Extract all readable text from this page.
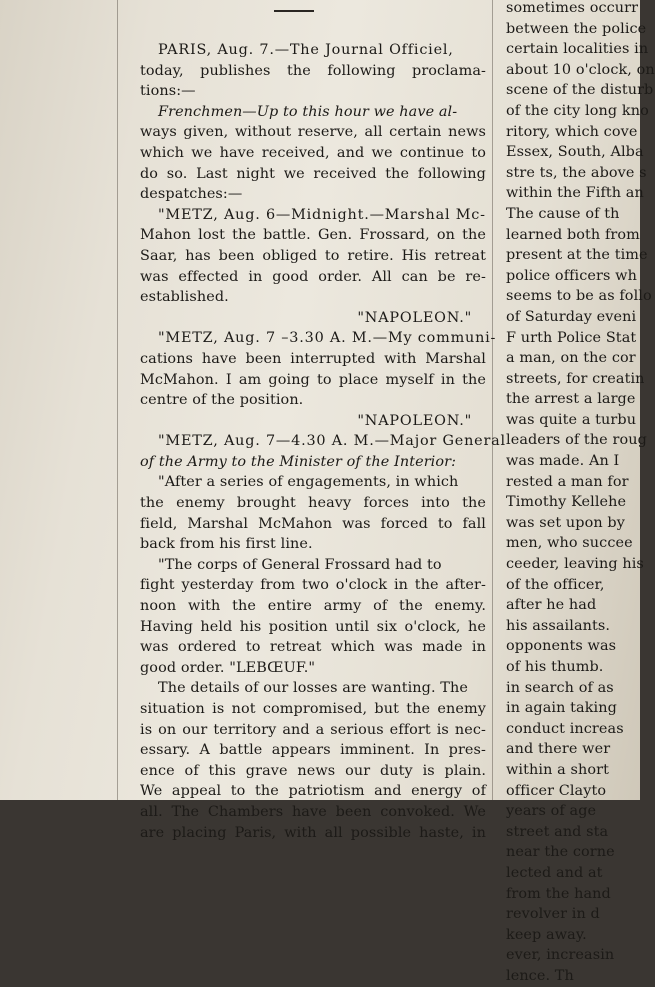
PARIS, Aug. 7.—The Journal Officiel,
today, publishes the following proclama-
tions:—
Frenchmen—Up to this hour we have al-
ways given, without reserve, all certain news
which we have received, and we continue to
do so. Last night we received the following
despatches:—
"METZ, Aug. 6—Midnight.—Marshal Mc-
Mahon lost the battle. Gen. Frossard, on the
Saar, has been obliged to retire. His retreat
was effected in good order. All can be re-
established.
"NAPOLEON."
"METZ, Aug. 7 –3.30 A. M.—My communi-
cations have been interrupted with Marshal
McMahon. I am going to place myself in the
centre of the position.
"NAPOLEON."
"METZ, Aug. 7—4.30 A. M.—Major General
of the Army to the Minister of the Interior:
"After a series of engagements, in which
the enemy brought heavy forces into the
field, Marshal McMahon was forced to fall
back from his first line.
"The corps of General Frossard had to
fight yesterday from two o'clock in the after-
noon with the entire army of the enemy.
Having held his position until six o'clock, he
was ordered to retreat which was made in
good order. "LEBŒUF."
The details of our losses are wanting. The
situation is not compromised, but the enemy
is on our territory and a serious effort is nec-
essary. A battle appears imminent. In pres-
ence of this grave news our duty is plain.
We appeal to the patriotism and energy of
all. The Chambers have been convoked. We
are placing Paris, with all possible haste, in
sometimes occurr
between the police
certain localities in
about 10 o'clock, on
scene of the disturb
of the city long kno
ritory, which cove
Essex, South, Alba
stre ts, the above s
within the Fifth an
The cause of th
learned both from
present at the time
police officers wh
seems to be as follo
of Saturday eveni
F urth Police Stat
a man, on the cor
streets, for creatin
the arrest a large
was quite a turbu
leaders of the roug
was made. An I
rested a man for
Timothy Kellehe
was set upon by
men, who succee
ceeder, leaving his
of the officer,
after he had
his assailants.
opponents was
of his thumb.
in search of as
in again taking
conduct increas
and there wer
within a short
officer Clayto
years of age
street and sta
near the corne
lected and at
from the hand
revolver in d
keep away.
ever, increasin
lence. Th
